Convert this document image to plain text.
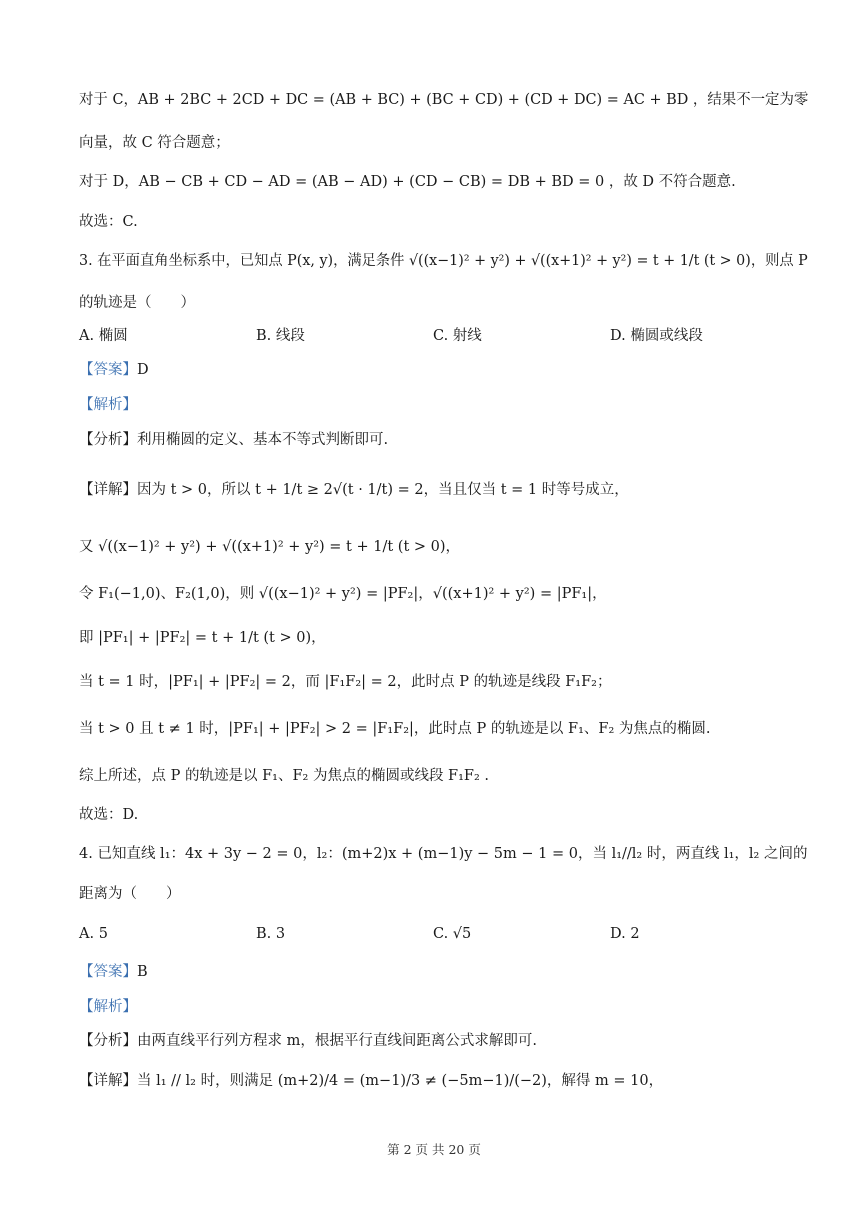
对于 C，AB + 2BC + 2CD + DC = (AB + BC) + (BC + CD) + (CD + DC) = AC + BD ，结果不一定为零
向量，故 C 符合题意；
对于 D，AB − CB + CD − AD = (AB − AD) + (CD − CB) = DB + BD = 0 ，故 D 不符合题意.
故选：C.
3. 在平面直角坐标系中，已知点 P(x, y)，满足条件 √((x−1)² + y²) + √((x+1)² + y²) = t + 1/t (t > 0)，则点 P
的轨迹是（　　）
A. 椭圆	B. 线段	C. 射线	D. 椭圆或线段
【答案】D
【解析】
【分析】利用椭圆的定义、基本不等式判断即可.
【详解】因为 t > 0，所以 t + 1/t ≥ 2√(t · 1/t) = 2，当且仅当 t = 1 时等号成立，
又 √((x−1)² + y²) + √((x+1)² + y²) = t + 1/t (t > 0)，
令 F₁(−1,0)、F₂(1,0)，则 √((x−1)² + y²) = |PF₂|，√((x+1)² + y²) = |PF₁|，
即 |PF₁| + |PF₂| = t + 1/t (t > 0)，
当 t = 1 时，|PF₁| + |PF₂| = 2，而 |F₁F₂| = 2，此时点 P 的轨迹是线段 F₁F₂；
当 t > 0 且 t ≠ 1 时，|PF₁| + |PF₂| > 2 = |F₁F₂|，此时点 P 的轨迹是以 F₁、F₂ 为焦点的椭圆.
综上所述，点 P 的轨迹是以 F₁、F₂ 为焦点的椭圆或线段 F₁F₂ .
故选：D.
4. 已知直线 l₁：4x + 3y − 2 = 0，l₂：(m+2)x + (m−1)y − 5m − 1 = 0，当 l₁//l₂ 时，两直线 l₁，l₂ 之间的
距离为（　　）
A. 5	B. 3	C. √5	D. 2
【答案】B
【解析】
【分析】由两直线平行列方程求 m，根据平行直线间距离公式求解即可.
【详解】当 l₁ // l₂ 时，则满足 (m+2)/4 = (m−1)/3 ≠ (−5m−1)/(−2)，解得 m = 10，
第 2 页 共 20 页
